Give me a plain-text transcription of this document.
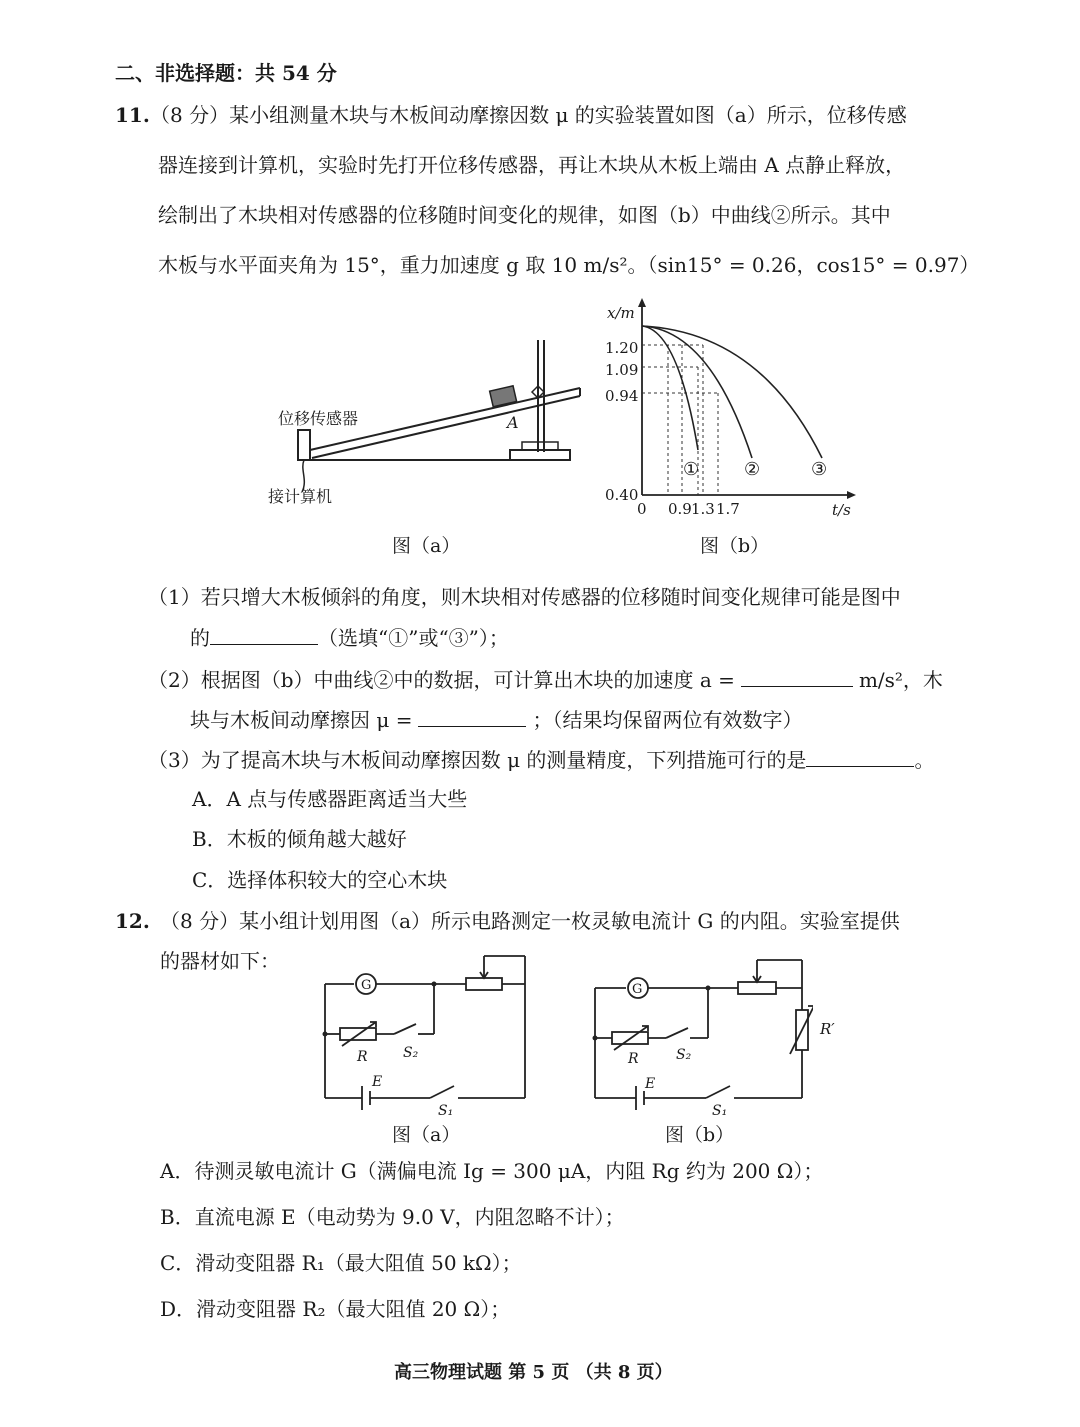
二、非选择题：共 54 分
11. （8 分）某小组测量木块与木板间动摩擦因数 μ 的实验装置如图（a）所示，位移传感
器连接到计算机，实验时先打开位移传感器，再让木块从木板上端由 A 点静止释放，
绘制出了木块相对传感器的位移随时间变化的规律，如图（b）中曲线②所示。其中
木板与水平面夹角为 15°，重力加速度 g 取 10 m/s²。（sin15° = 0.26，cos15° = 0.97）
位移传感器
接计算机
A
图（a）
x/m
1.20
1.09
0.94
0.40
0 0.9 1.3 1.7	t/s
① ②	③
图（b）
（1）若只增大木板倾斜的角度，则木块相对传感器的位移随时间变化规律可能是图中
的	（选填“①”或“③”）；
（2）根据图（b）中曲线②中的数据，可计算出木块的加速度 a =	m/s²，木
块与木板间动摩擦因 μ =	；（结果均保留两位有效数字）
（3）为了提高木块与木板间动摩擦因数 μ 的测量精度，下列措施可行的是	。
A．A 点与传感器距离适当大些
B．木板的倾角越大越好
C．选择体积较大的空心木块
12. （8 分）某小组计划用图（a）所示电路测定一枚灵敏电流计 G 的内阻。实验室提供
的器材如下：
G
R	S₂
E
S₁
图（a）
G
R	S₂
E
S₁
R′
图（b）
A．待测灵敏电流计 G（满偏电流 Ig = 300 μA，内阻 Rg 约为 200 Ω）；
B．直流电源 E（电动势为 9.0 V，内阻忽略不计）；
C．滑动变阻器 R₁（最大阻值 50 kΩ）；
D．滑动变阻器 R₂（最大阻值 20 Ω）；
高三物理试题 第 5 页 （共 8 页）
